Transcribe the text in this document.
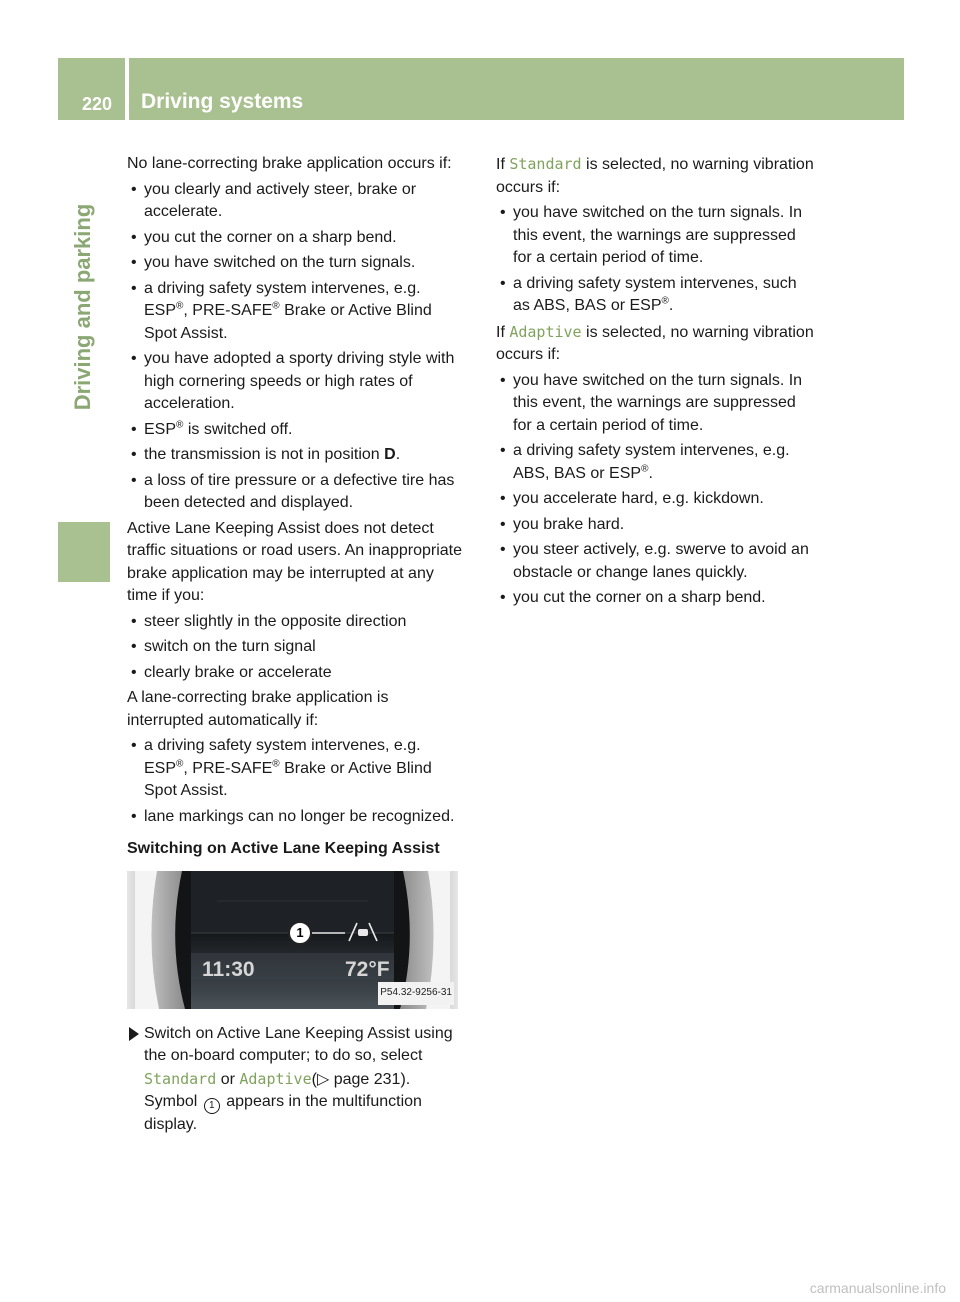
220 Driving systems
Driving and parking

No lane-correcting brake application occurs if:

• you clearly and actively steer, brake or accelerate.
• you cut the corner on a sharp bend.
• you have switched on the turn signals.
• a driving safety system intervenes, e.g. ESP®, PRE-SAFE® Brake or Active Blind Spot Assist.
• you have adopted a sporty driving style with high cornering speeds or high rates of acceleration.
• ESP® is switched off.
• the transmission is not in position D.
• a loss of tire pressure or a defective tire has been detected and displayed.

Active Lane Keeping Assist does not detect traffic situations or road users. An inappropriate brake application may be interrupted at any time if you:

• steer slightly in the opposite direction
• switch on the turn signal
• clearly brake or accelerate

A lane-correcting brake application is interrupted automatically if:

• a driving safety system intervenes, e.g. ESP®, PRE-SAFE® Brake or Active Blind Spot Assist.
• lane markings can no longer be recognized.
Switching on Active Lane Keeping Assist
1
11:30	72°F
P54.32-9256-31
Switch on Active Lane Keeping Assist using the on-board computer; to do so, select Standard or Adaptive(▷ page 231).
Symbol 1 appears in the multifunction display.

If Standard is selected, no warning vibration occurs if:

• you have switched on the turn signals. In this event, the warnings are suppressed for a certain period of time.
• a driving safety system intervenes, such as ABS, BAS or ESP®.

If Adaptive is selected, no warning vibration occurs if:

• you have switched on the turn signals. In this event, the warnings are suppressed for a certain period of time.
• a driving safety system intervenes, e.g. ABS, BAS or ESP®.
• you accelerate hard, e.g. kickdown.
• you brake hard.
• you steer actively, e.g. swerve to avoid an obstacle or change lanes quickly.
• you cut the corner on a sharp bend.
carmanualsonline.info
